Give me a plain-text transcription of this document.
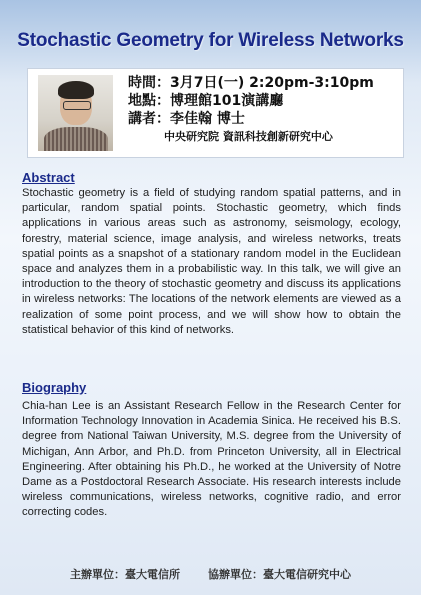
Stochastic Geometry for Wireless Networks
時間：3月7日(一) 2:20pm-3:10pm
地點：博理館101演講廳
講者：李佳翰 博士
中央研究院 資訊科技創新研究中心
Abstract
Stochastic geometry is a field of studying random spatial patterns, and in particular, random spatial points. Stochastic geometry, which finds applications in various areas such as astronomy, seismology, ecology, forestry, material science, image analysis, and wireless networks, treats spatial points as a snapshot of a stationary random model in the Euclidean space and analyzes them in a probabilistic way. In this talk, we will give an introduction to the theory of stochastic geometry and discuss its applications in wireless networks: The locations of the network elements are viewed as a realization of some point process, and we will show how to obtain the statistical behavior of this kind of networks.
Biography
Chia-han Lee is an Assistant Research Fellow in the Research Center for Information Technology Innovation in Academia Sinica. He received his B.S. degree from National Taiwan University, M.S. degree from the University of Michigan, Ann Arbor, and Ph.D. from Princeton University, all in Electrical Engineering. After obtaining his Ph.D., he worked at the University of Notre Dame as a Postdoctoral Research Associate. His research interests include wireless communications, wireless networks, cognitive radio, and error correcting codes.
主辦單位：臺大電信所	協辦單位：臺大電信研究中心
